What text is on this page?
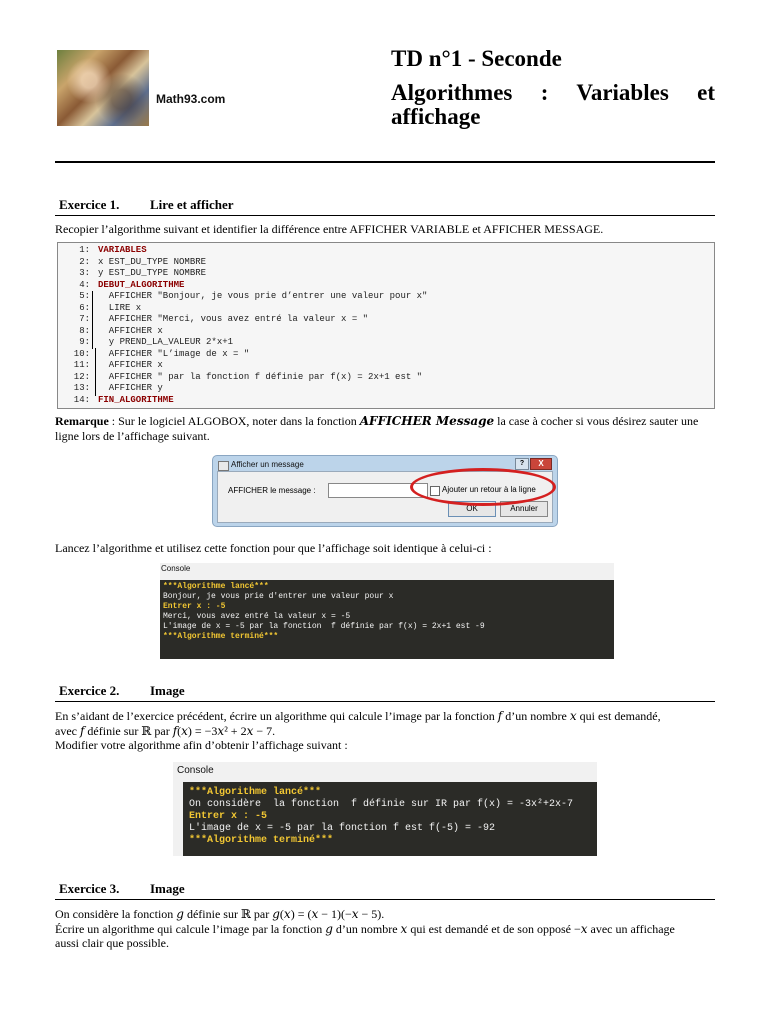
Math93.com
TD n°1 - Seconde
Algorithmes : Variables et
affichage
Exercice 1. Lire et afficher
Recopier l’algorithme suivant et identifier la différence entre AFFICHER VARIABLE et AFFICHER MESSAGE.
1: VARIABLES
2: x EST_DU_TYPE NOMBRE
3: y EST_DU_TYPE NOMBRE
4: DEBUT_ALGORITHME
5: AFFICHER "Bonjour, je vous prie d’entrer une valeur pour x"
6: LIRE x
7: AFFICHER "Merci, vous avez entré la valeur x = "
8: AFFICHER x
9: y PREND_LA_VALEUR 2*x+1
10: AFFICHER "L’image de x = "
11: AFFICHER x
12: AFFICHER " par la fonction f définie par f(x) = 2x+1 est "
13: AFFICHER y
14: FIN_ALGORITHME
Remarque : Sur le logiciel ALGOBOX, noter dans la fonction AFFICHER Message la case à cocher si vous désirez sauter une ligne lors de l’affichage suivant.
Afficher un message	?	X
AFFICHER le message :	Ajouter un retour à la ligne
OK	Annuler
Lancez l’algorithme et utilisez cette fonction pour que l’affichage soit identique à celui-ci :
Console
***Algorithme lancé***
Bonjour, je vous prie d'entrer une valeur pour x
Entrer x : -5
Merci, vous avez entré la valeur x = -5
L'image de x = -5 par la fonction  f définie par f(x) = 2x+1 est -9
***Algorithme terminé***
Exercice 2. Image
En s’aidant de l’exercice précédent, écrire un algorithme qui calcule l’image par la fonction 𝑓 d’un nombre 𝑥 qui est demandé,
avec 𝑓 définie sur ℝ par 𝑓(𝑥) = −3𝑥² + 2𝑥 − 7.
Modifier votre algorithme afin d’obtenir l’affichage suivant :
Console
***Algorithme lancé***
On considère  la fonction  f définie sur IR par f(x) = -3x²+2x-7
Entrer x : -5
L'image de x = -5 par la fonction f est f(-5) = -92
***Algorithme terminé***
Exercice 3. Image
On considère la fonction 𝑔 définie sur ℝ par 𝑔(𝑥) = (𝑥 − 1)(−𝑥 − 5).
Écrire un algorithme qui calcule l’image par la fonction 𝑔 d’un nombre 𝑥 qui est demandé et de son opposé −𝑥 avec un affichage
aussi clair que possible.
